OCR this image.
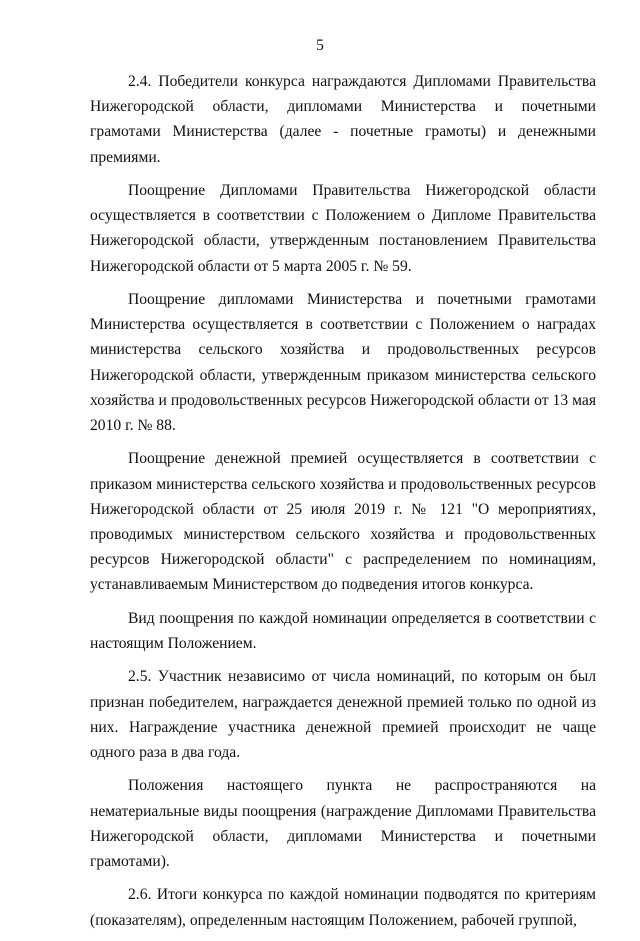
5

2.4. Победители конкурса награждаются Дипломами Правительства Нижегородской области, дипломами Министерства и почетными грамотами Министерства (далее - почетные грамоты) и денежными премиями.

Поощрение Дипломами Правительства Нижегородской области осуществляется в соответствии с Положением о Дипломе Правительства Нижегородской области, утвержденным постановлением Правительства Нижегородской области от 5 марта 2005 г. № 59.

Поощрение дипломами Министерства и почетными грамотами Министерства осуществляется в соответствии с Положением о наградах министерства сельского хозяйства и продовольственных ресурсов Нижегородской области, утвержденным приказом министерства сельского хозяйства и продовольственных ресурсов Нижегородской области от 13 мая 2010 г. № 88.

Поощрение денежной премией осуществляется в соответствии с приказом министерства сельского хозяйства и продовольственных ресурсов Нижегородской области от 25 июля 2019 г. № 121 "О мероприятиях, проводимых министерством сельского хозяйства и продовольственных ресурсов Нижегородской области" с распределением по номинациям, устанавливаемым Министерством до подведения итогов конкурса.

Вид поощрения по каждой номинации определяется в соответствии с настоящим Положением.

2.5. Участник независимо от числа номинаций, по которым он был признан победителем, награждается денежной премией только по одной из них. Награждение участника денежной премией происходит не чаще одного раза в два года.

Положения настоящего пункта не распространяются на нематериальные виды поощрения (награждение Дипломами Правительства Нижегородской области, дипломами Министерства и почетными грамотами).

2.6. Итоги конкурса по каждой номинации подводятся по критериям (показателям), определенным настоящим Положением, рабочей группой,
